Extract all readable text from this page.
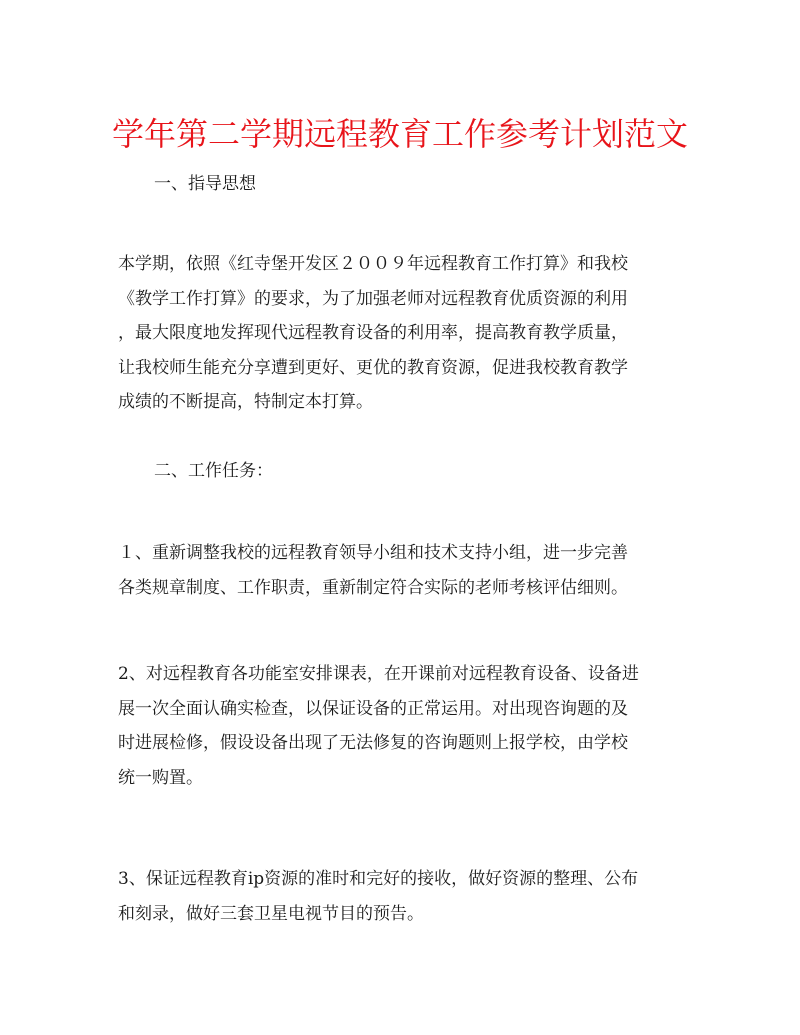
学年第二学期远程教育工作参考计划范文

一、指导思想

本学期，依照《红寺堡开发区２００９年远程教育工作打算》和我校
《教学工作打算》的要求，为了加强老师对远程教育优质资源的利用
，最大限度地发挥现代远程教育设备的利用率，提高教育教学质量，
让我校师生能充分享遭到更好、更优的教育资源，促进我校教育教学
成绩的不断提高，特制定本打算。

二、工作任务：

１、重新调整我校的远程教育领导小组和技术支持小组，进一步完善
各类规章制度、工作职责，重新制定符合实际的老师考核评估细则。
2、对远程教育各功能室安排课表，在开课前对远程教育设备、设备进
展一次全面认确实检查，以保证设备的正常运用。对出现咨询题的及
时进展检修，假设设备出现了无法修复的咨询题则上报学校，由学校
统一购置。
3、保证远程教育ip资源的准时和完好的接收，做好资源的整理、公布
和刻录，做好三套卫星电视节目的预告。
